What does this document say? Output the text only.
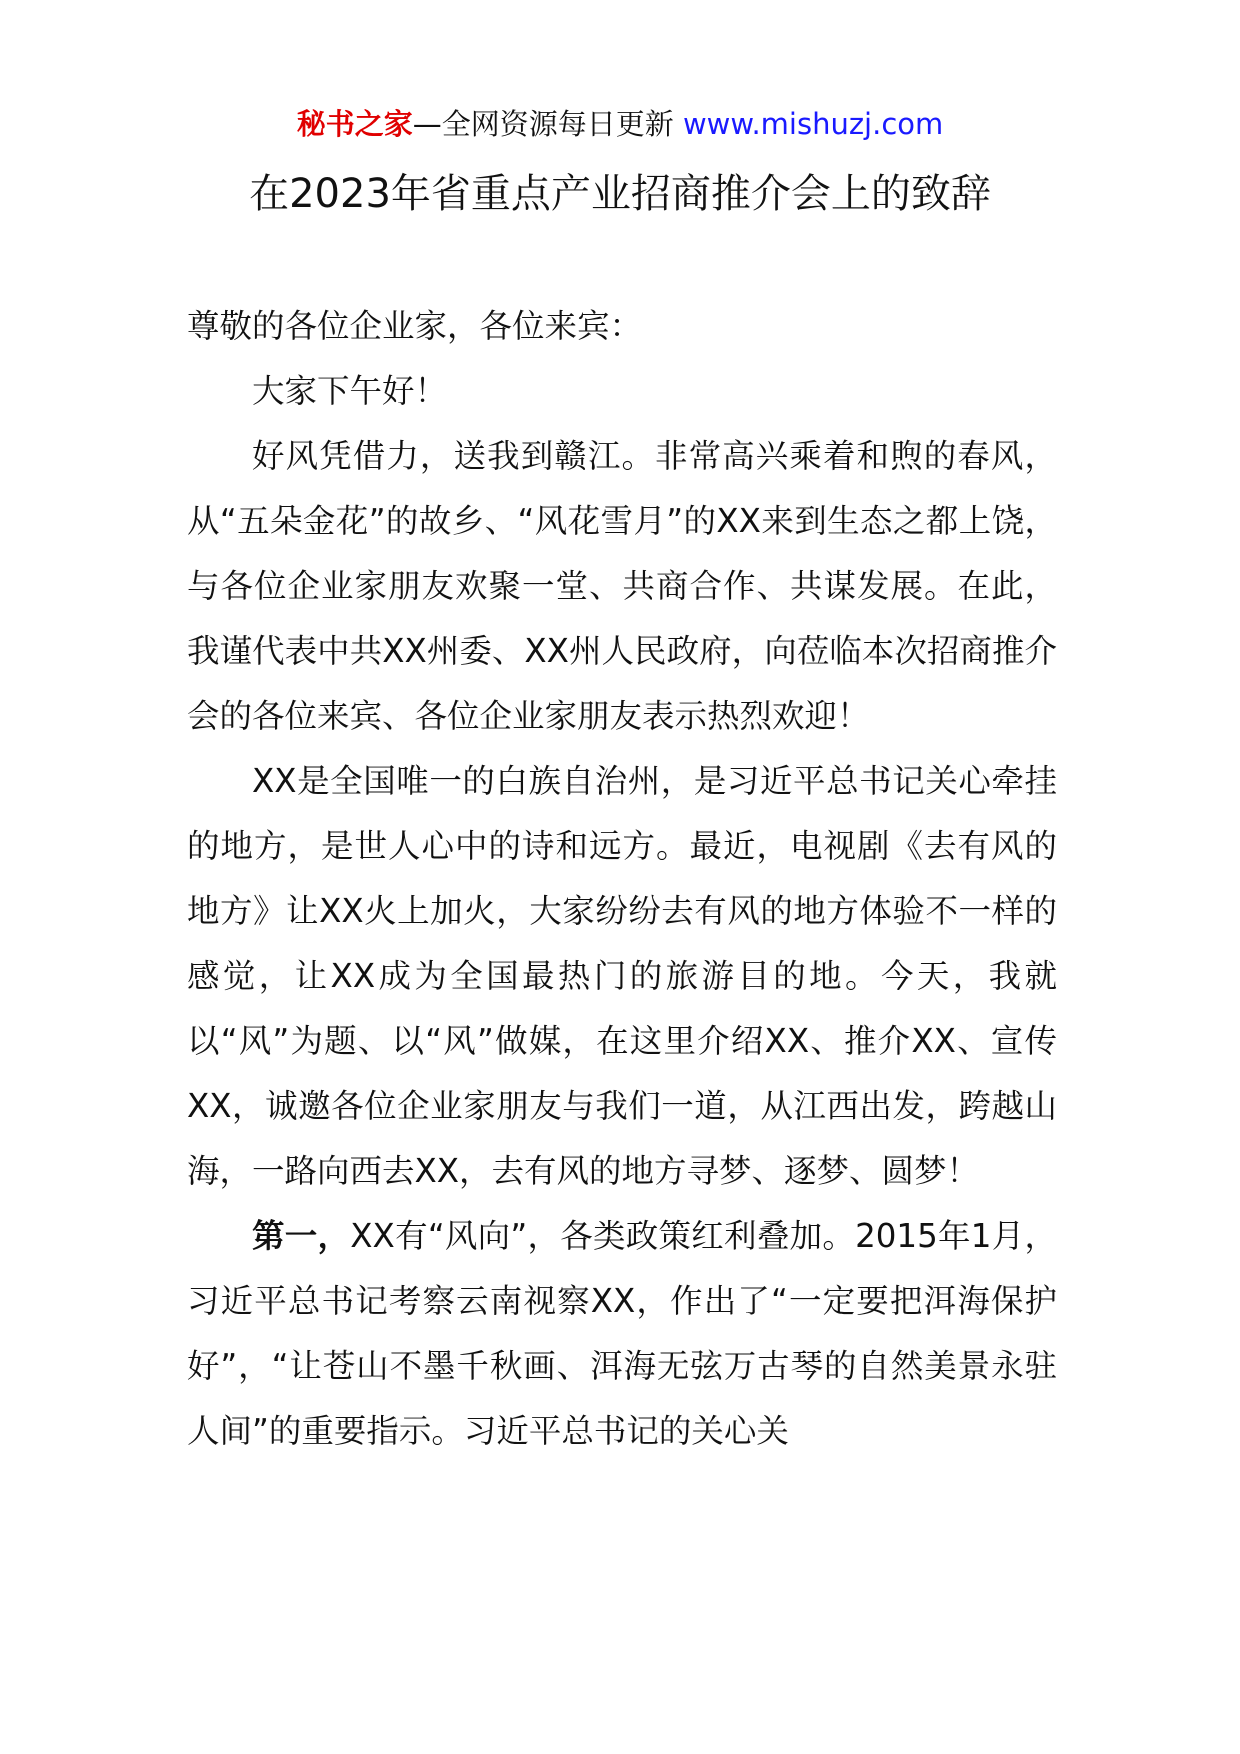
秘书之家—全网资源每日更新 www.mishuzj.com
在2023年省重点产业招商推介会上的致辞

尊敬的各位企业家，各位来宾：

大家下午好！

好风凭借力，送我到赣江。非常高兴乘着和煦的春风，从“五朵金花”的故乡、“风花雪月”的XX来到生态之都上饶，与各位企业家朋友欢聚一堂、共商合作、共谋发展。在此，我谨代表中共XX州委、XX州人民政府，向莅临本次招商推介会的各位来宾、各位企业家朋友表示热烈欢迎！

XX是全国唯一的白族自治州，是习近平总书记关心牵挂的地方，是世人心中的诗和远方。最近，电视剧《去有风的地方》让XX火上加火，大家纷纷去有风的地方体验不一样的感觉，让XX成为全国最热门的旅游目的地。今天，我就以“风”为题、以“风”做媒，在这里介绍XX、推介XX、宣传XX，诚邀各位企业家朋友与我们一道，从江西出发，跨越山海，一路向西去XX，去有风的地方寻梦、逐梦、圆梦！

第一，XX有“风向”，各类政策红利叠加。2015年1月，习近平总书记考察云南视察XX，作出了“一定要把洱海保护好”，“让苍山不墨千秋画、洱海无弦万古琴的自然美景永驻人间”的重要指示。习近平总书记的关心关
